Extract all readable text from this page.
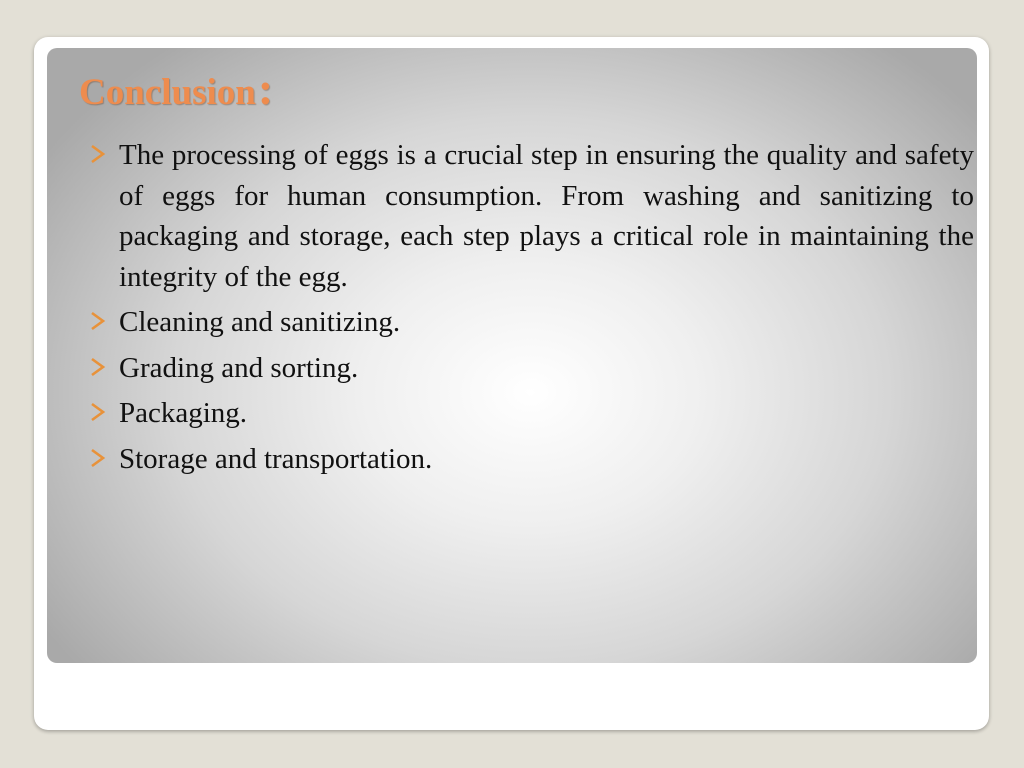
Conclusion:
The processing of eggs is a crucial step in ensuring the quality and safety of eggs for human consumption. From washing and sanitizing to packaging and storage, each step plays a critical role in maintaining the integrity of the egg.
Cleaning and sanitizing.
Grading and sorting.
Packaging.
Storage and transportation.
